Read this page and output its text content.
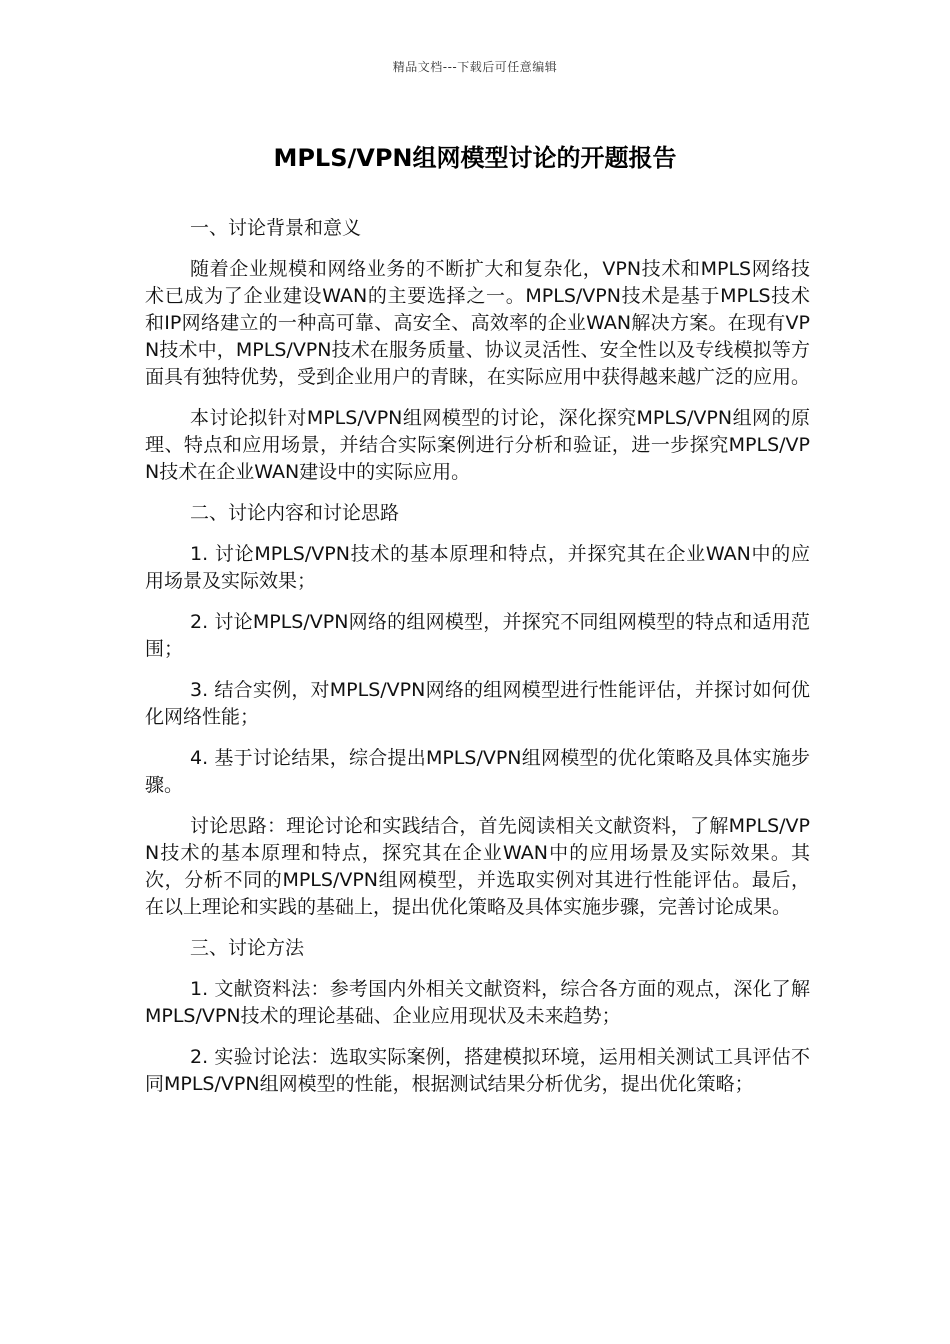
精品文档---下载后可任意编辑
MPLS/VPN组网模型讨论的开题报告

一、讨论背景和意义

随着企业规模和网络业务的不断扩大和复杂化，VPN技术和MPLS网络技术已成为了企业建设WAN的主要选择之一。MPLS/VPN技术是基于MPLS技术和IP网络建立的一种高可靠、高安全、高效率的企业WAN解决方案。在现有VPN技术中，MPLS/VPN技术在服务质量、协议灵活性、安全性以及专线模拟等方面具有独特优势，受到企业用户的青睐，在实际应用中获得越来越广泛的应用。

本讨论拟针对MPLS/VPN组网模型的讨论，深化探究MPLS/VPN组网的原理、特点和应用场景，并结合实际案例进行分析和验证，进一步探究MPLS/VPN技术在企业WAN建设中的实际应用。

二、讨论内容和讨论思路

1. 讨论MPLS/VPN技术的基本原理和特点，并探究其在企业WAN中的应用场景及实际效果；

2. 讨论MPLS/VPN网络的组网模型，并探究不同组网模型的特点和适用范围；

3. 结合实例，对MPLS/VPN网络的组网模型进行性能评估，并探讨如何优化网络性能；

4. 基于讨论结果，综合提出MPLS/VPN组网模型的优化策略及具体实施步骤。

讨论思路：理论讨论和实践结合，首先阅读相关文献资料，了解MPLS/VPN技术的基本原理和特点，探究其在企业WAN中的应用场景及实际效果。其次，分析不同的MPLS/VPN组网模型，并选取实例对其进行性能评估。最后，在以上理论和实践的基础上，提出优化策略及具体实施步骤，完善讨论成果。

三、讨论方法

1. 文献资料法：参考国内外相关文献资料，综合各方面的观点，深化了解MPLS/VPN技术的理论基础、企业应用现状及未来趋势；

2. 实验讨论法：选取实际案例，搭建模拟环境，运用相关测试工具评估不同MPLS/VPN组网模型的性能，根据测试结果分析优劣，提出优化策略；
